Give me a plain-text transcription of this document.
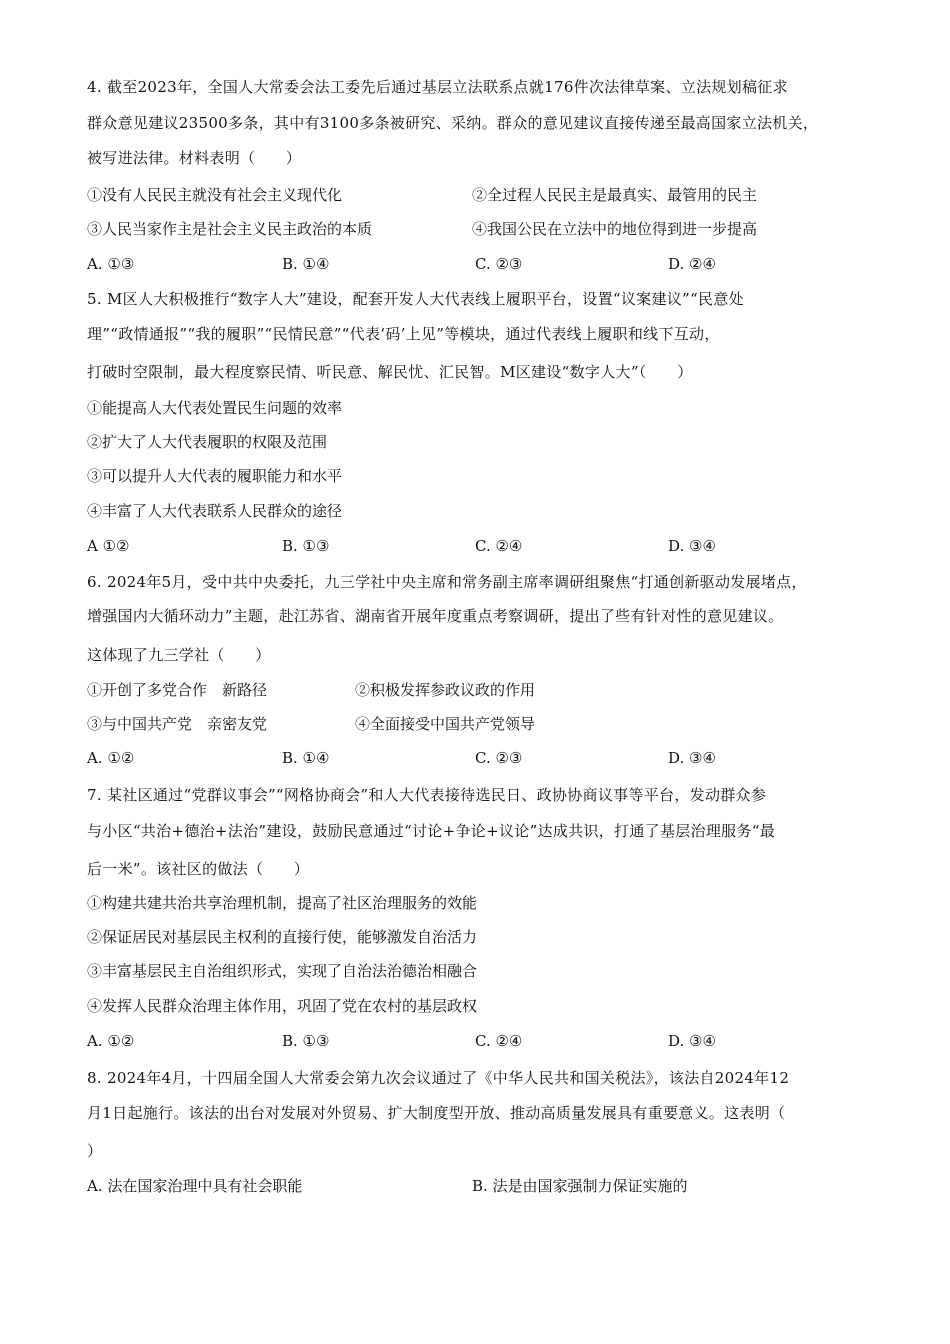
4. 截至2023年，全国人大常委会法工委先后通过基层立法联系点就176件次法律草案、立法规划稿征求
群众意见建议23500多条，其中有3100多条被研究、采纳。群众的意见建议直接传递至最高国家立法机关，
被写进法律。材料表明（　　）
①没有人民民主就没有社会主义现代化	②全过程人民民主是最真实、最管用的民主
③人民当家作主是社会主义民主政治的本质	④我国公民在立法中的地位得到进一步提高
A. ①③	B. ①④	C. ②③	D. ②④
5. M区人大积极推行“数字人大”建设，配套开发人大代表线上履职平台，设置“议案建议”“民意处
理”“政情通报”“我的履职”“民情民意”“代表‘码’上见”等模块，通过代表线上履职和线下互动，
打破时空限制，最大程度察民情、听民意、解民忧、汇民智。M区建设“数字人大”（　　）
①能提高人大代表处置民生问题的效率
②扩大了人大代表履职的权限及范围
③可以提升人大代表的履职能力和水平
④丰富了人大代表联系人民群众的途径
A ①②	B. ①③	C. ②④	D. ③④
6. 2024年5月，受中共中央委托，九三学社中央主席和常务副主席率调研组聚焦“打通创新驱动发展堵点，
增强国内大循环动力”主题，赴江苏省、湖南省开展年度重点考察调研，提出了些有针对性的意见建议。
这体现了九三学社（　　）
①开创了多党合作　新路径	②积极发挥参政议政的作用
③与中国共产党　亲密友党	④全面接受中国共产党领导
A. ①②	B. ①④	C. ②③	D. ③④
7. 某社区通过“党群议事会”“网格协商会”和人大代表接待选民日、政协协商议事等平台，发动群众参
与小区“共治+德治+法治”建设，鼓励民意通过“讨论+争论+议论”达成共识，打通了基层治理服务“最
后一米”。该社区的做法（　　）
①构建共建共治共享治理机制，提高了社区治理服务的效能
②保证居民对基层民主权利的直接行使，能够激发自治活力
③丰富基层民主自治组织形式，实现了自治法治德治相融合
④发挥人民群众治理主体作用，巩固了党在农村的基层政权
A. ①②	B. ①③	C. ②④	D. ③④
8. 2024年4月，十四届全国人大常委会第九次会议通过了《中华人民共和国关税法》，该法自2024年12
月1日起施行。该法的出台对发展对外贸易、扩大制度型开放、推动高质量发展具有重要意义。这表明（
）
A. 法在国家治理中具有社会职能	B. 法是由国家强制力保证实施的
